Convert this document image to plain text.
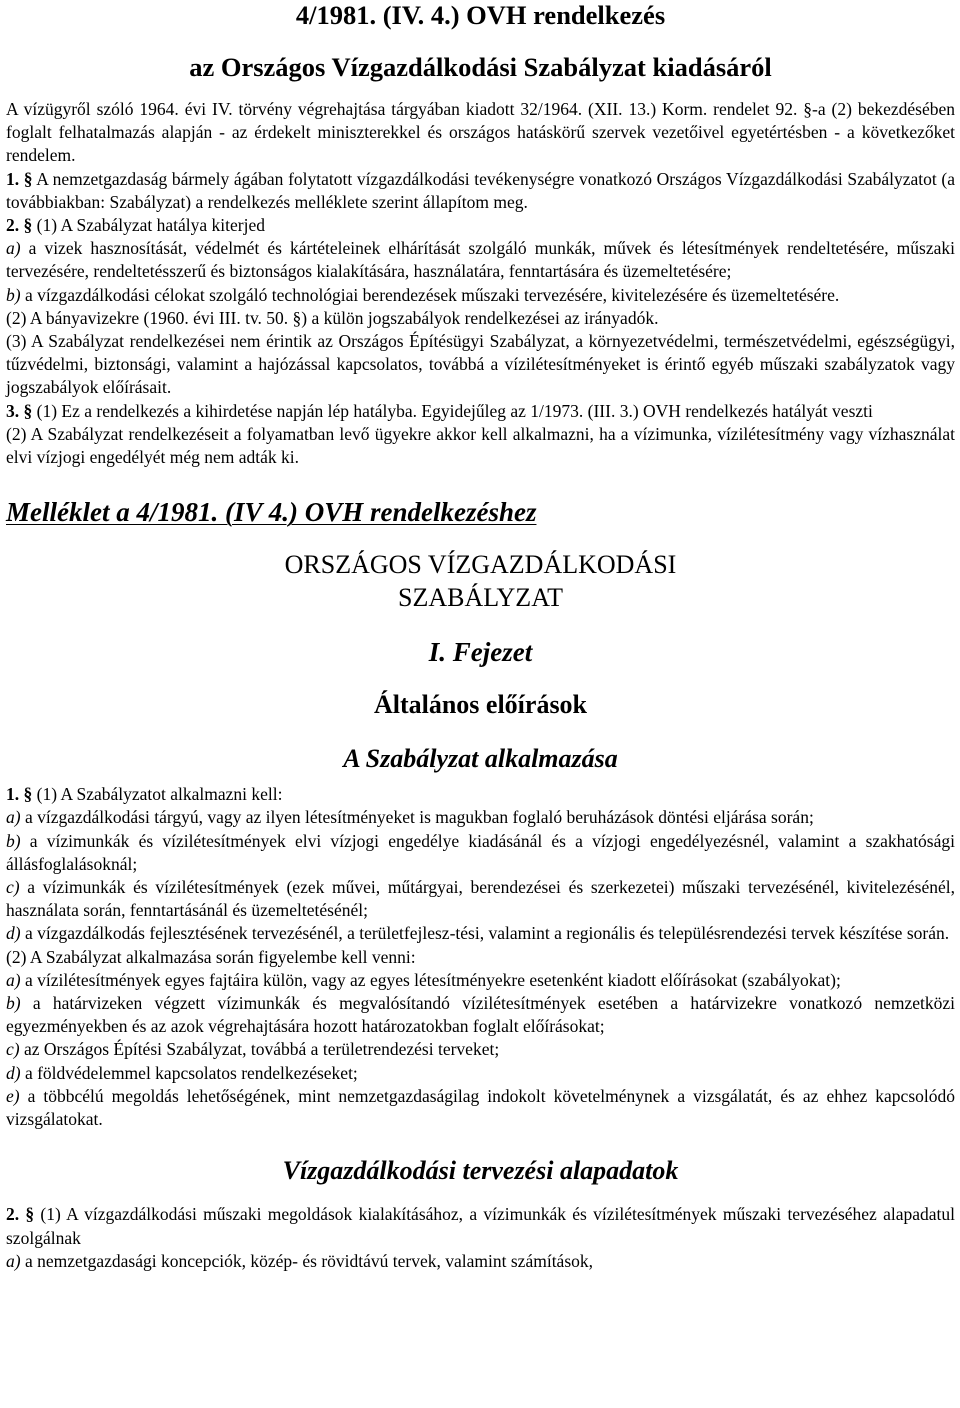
4/1981. (IV. 4.) OVH rendelkezés
az Országos Vízgazdálkodási Szabályzat kiadásáról

A vízügyről szóló 1964. évi IV. törvény végrehajtása tárgyában kiadott 32/1964. (XII. 13.) Korm. rendelet 92. §-a (2) bekezdésében foglalt felhatalmazás alapján - az érdekelt miniszterekkel és országos hatáskörű szervek vezetőivel egyetértésben - a következőket rendelem.

1. § A nemzetgazdaság bármely ágában folytatott vízgazdálkodási tevékenységre vonatkozó Országos Vízgazdálkodási Szabályzatot (a továbbiakban: Szabályzat) a rendelkezés melléklete szerint állapítom meg.

2. § (1) A Szabályzat hatálya kiterjed

a) a vizek hasznosítását, védelmét és kártételeinek elhárítását szolgáló munkák, művek és létesítmények rendeltetésére, műszaki tervezésére, rendeltetésszerű és biztonságos kialakítására, használatára, fenntartására és üzemeltetésére;

b) a vízgazdálkodási célokat szolgáló technológiai berendezések műszaki tervezésére, kivitelezésére és üzemeltetésére.

(2) A bányavizekre (1960. évi III. tv. 50. §) a külön jogszabályok rendelkezései az irányadók.

(3) A Szabályzat rendelkezései nem érintik az Országos Építésügyi Szabályzat, a környezetvédelmi, természetvédelmi, egészségügyi, tűzvédelmi, biztonsági, valamint a hajózással kapcsolatos, továbbá a vízilétesítményeket is érintő egyéb műszaki szabályzatok vagy jogszabályok előírásait.

3. § (1) Ez a rendelkezés a kihirdetése napján lép hatályba. Egyidejűleg az 1/1973. (III. 3.) OVH rendelkezés hatályát veszti

(2) A Szabályzat rendelkezéseit a folyamatban levő ügyekre akkor kell alkalmazni, ha a vízimunka, vízilétesítmény vagy vízhasználat elvi vízjogi engedélyét még nem adták ki.

Melléklet a 4/1981. (IV 4.) OVH rendelkezéshez
ORSZÁGOS VÍZGAZDÁLKODÁSI
SZABÁLYZAT
I. Fejezet
Általános előírások
A Szabályzat alkalmazása

1. § (1) A Szabályzatot alkalmazni kell:

a) a vízgazdálkodási tárgyú, vagy az ilyen létesítményeket is magukban foglaló beruházások döntési eljárása során;

b) a vízimunkák és vízilétesítmények elvi vízjogi engedélye kiadásánál és a vízjogi engedélyezésnél, valamint a szakhatósági állásfoglalásoknál;

c) a vízimunkák és vízilétesítmények (ezek művei, műtárgyai, berendezései és szerkezetei) műszaki tervezésénél, kivitelezésénél, használata során, fenntartásánál és üzemeltetésénél;

d) a vízgazdálkodás fejlesztésének tervezésénél, a területfejlesz-tési, valamint a regionális és településrendezési tervek készítése során.

(2) A Szabályzat alkalmazása során figyelembe kell venni:

a) a vízilétesítmények egyes fajtáira külön, vagy az egyes létesítményekre esetenként kiadott előírásokat (szabályokat);

b) a határvizeken végzett vízimunkák és megvalósítandó vízilétesítmények esetében a határvizekre vonatkozó nemzetközi egyezményekben és az azok végrehajtására hozott határozatokban foglalt előírásokat;

c) az Országos Építési Szabályzat, továbbá a területrendezési terveket;

d) a földvédelemmel kapcsolatos rendelkezéseket;

e) a többcélú megoldás lehetőségének, mint nemzetgazdaságilag indokolt követelménynek a vizsgálatát, és az ehhez kapcsolódó vizsgálatokat.

Vízgazdálkodási tervezési alapadatok

2. § (1) A vízgazdálkodási műszaki megoldások kialakításához, a vízimunkák és vízilétesítmények műszaki tervezéséhez alapadatul szolgálnak

a) a nemzetgazdasági koncepciók, közép- és rövidtávú tervek, valamint számítások,
